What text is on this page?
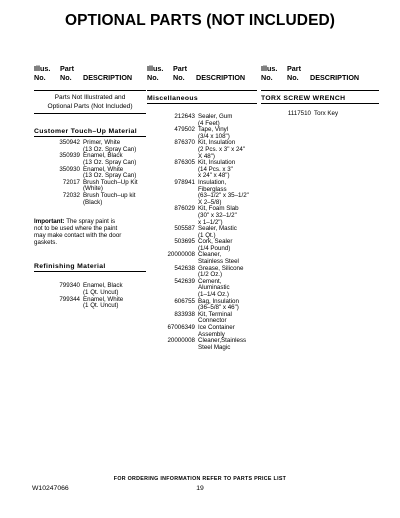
OPTIONAL PARTS (NOT INCLUDED)
Illus.
No.
Part
No.	DESCRIPTION
Parts Not Illustrated and
Optional Parts (Not Included)
Customer Touch–Up Material
350942 Primer, White
(13 Oz. Spray Can)
350939 Enamel, Black
(13 Oz. Spray Can)
350930 Enamel, White
(13 Oz. Spray Can)
72017 Brush Touch–Up Kit
(White)
72032 Brush Touch–up kit
(Black)
Important: The spray paint is
not to be used where the paint
may make contact with the door
gaskets.
Refinishing Material
799340 Enamel, Black
(1 Qt. Uncut)
799344 Enamel, White
(1 Qt. Uncut)
Illus.
No.
Part
No.	DESCRIPTION
Miscellaneous
212643 Sealer, Gum
(4 Feet)
479502 Tape, Vinyl
(3/4 x 108")
876370 Kit, Insulation
(2 Pcs. x 3" x 24"
X 48")
876305 Kit, Insulation
(14 Pcs. x 3"
x 24" x 48")
978941 Insulation,
Fiberglass
(63–1/2" x 35–1/2"
X 2–5/8)
876029 Kit, Foam Slab
(30" x 32–1/2"
x 1–1/2")
505587 Sealer, Mastic
(1 Qt.)
503695 Cork, Sealer
(1/4 Pound)
20000008 Cleaner,
Stainless Steel
542638 Grease, Silicone
(1/2 Oz.)
542639 Cement,
Aluminastic
(1–1/4 Oz.)
606755 Bag, Insulation
(36–5/8" x 46")
833938 Kit, Terminal
Connector
67006349 Ice Container
Assembly
20000008 Cleaner,Stainless
Steel Magic
Illus.
No.
Part
No.	DESCRIPTION
TORX SCREW WRENCH
1117510 Torx Key
FOR ORDERING INFORMATION REFER TO PARTS PRICE LIST
W10247066	19
